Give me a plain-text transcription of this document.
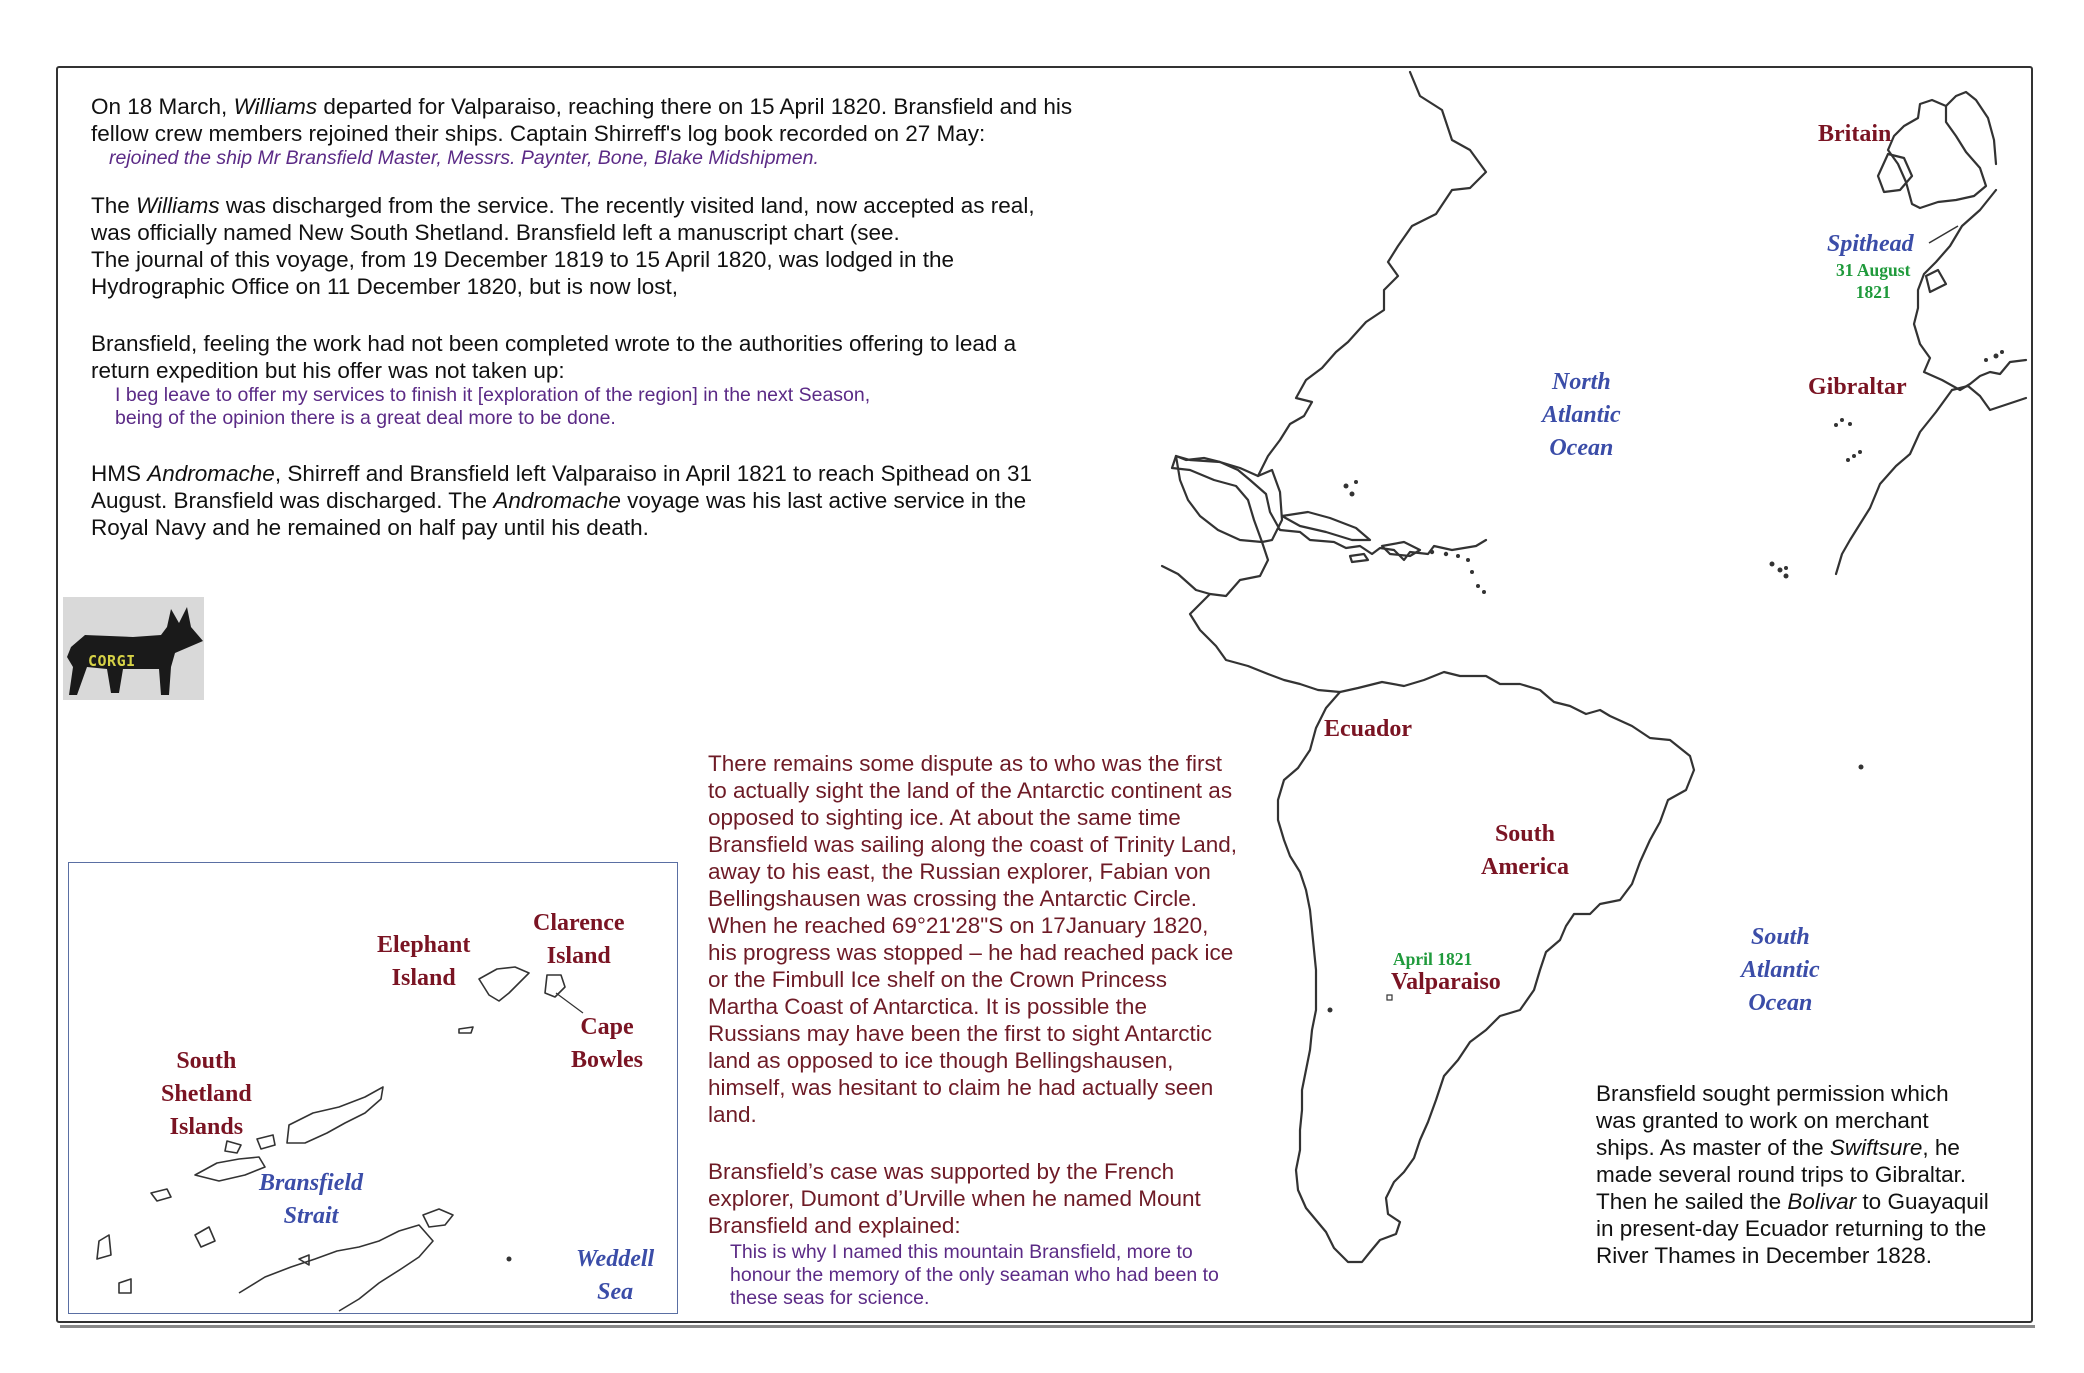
On 18 March, Williams departed for Valparaiso, reaching there on 15 April 1820. Bransfield and his
fellow crew members rejoined their ships. Captain Shirreff's log book recorded on 27 May:
rejoined the ship Mr Bransfield Master, Messrs. Paynter, Bone, Blake Midshipmen.
The Williams was discharged from the service. The recently visited land, now accepted as real,
was officially named New South Shetland. Bransfield left a manuscript chart (see.
The journal of this voyage, from 19 December 1819 to 15 April 1820, was lodged in the
Hydrographic Office on 11 December 1820, but is now lost,
Bransfield, feeling the work had not been completed wrote to the authorities offering to lead a
return expedition but his offer was not taken up:
I beg leave to offer my services to finish it [exploration of the region] in the next Season,
being of the opinion there is a great deal more to be done.
HMS Andromache, Shirreff and Bransfield left Valparaiso in April 1821 to reach Spithead on 31
August. Bransfield was discharged. The Andromache voyage was his last active service in the
Royal Navy and he remained on half pay until his death.
CORGI
There remains some dispute as to who was the first
to actually sight the land of the Antarctic continent as
opposed to sighting ice. At about the same time
Bransfield was sailing along the coast of Trinity Land,
away to his east, the Russian explorer, Fabian von
Bellingshausen was crossing the Antarctic Circle.
When he reached 69°21'28"S on 17January 1820,
his progress was stopped – he had reached pack ice
or the Fimbull Ice shelf on the Crown Princess
Martha Coast of Antarctica. It is possible the
Russians may have been the first to sight Antarctic
land as opposed to ice though Bellingshausen,
himself, was hesitant to claim he had actually seen
land.
Bransfield’s case was supported by the French
explorer, Dumont d’Urville when he named Mount
Bransfield and explained:
This is why I named this mountain Bransfield, more to
honour the memory of the only seaman who had been to
these seas for science.
Bransfield sought permission which
was granted to work on merchant
ships. As master of the Swiftsure, he
made several round trips to Gibraltar.
Then he sailed the Bolivar to Guayaquil
in present-day Ecuador returning to the
River Thames in December 1828.
Britain
Spithead
31 August
1821
Gibraltar
North
Atlantic
Ocean
Ecuador
South
America
April 1821
Valparaiso
South
Atlantic
Ocean
Elephant
Island
Clarence
Island
Cape
Bowles
South
Shetland
Islands
Bransfield
Strait
Weddell
Sea
